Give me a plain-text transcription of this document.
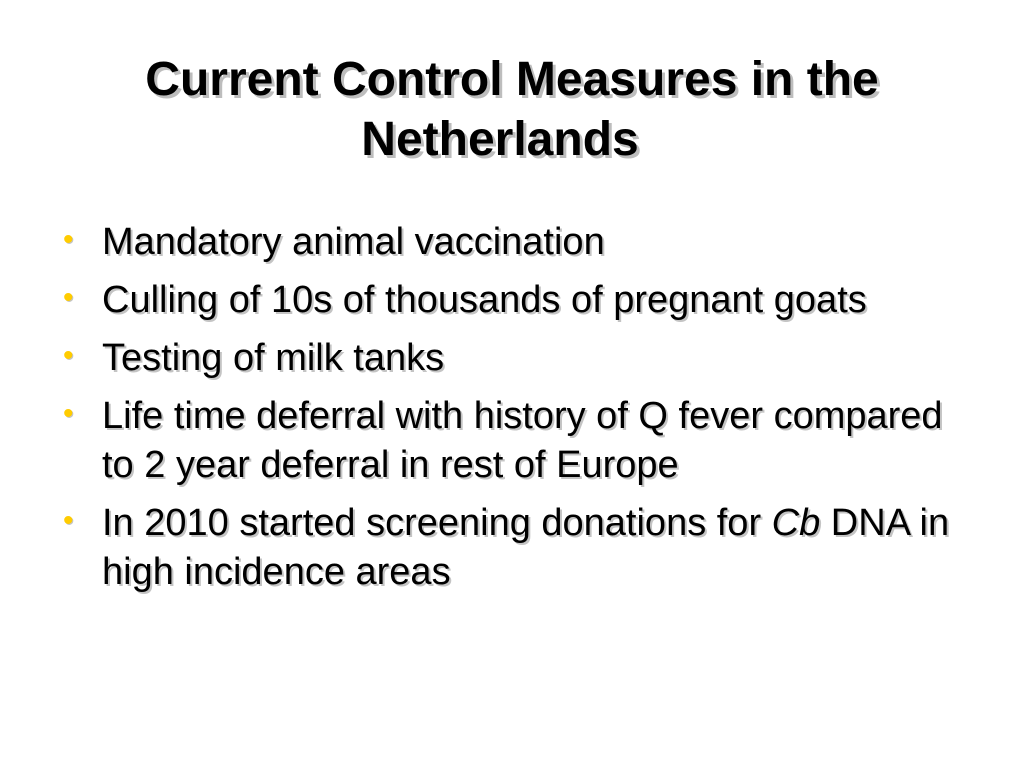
Current Control Measures in the
Netherlands
• Mandatory animal vaccination
• Culling of 10s of thousands of pregnant goats
• Testing of milk tanks
• Life time deferral with history of Q fever compared to 2 year deferral in rest of Europe
• In 2010 started screening donations for Cb DNA in high incidence areas
